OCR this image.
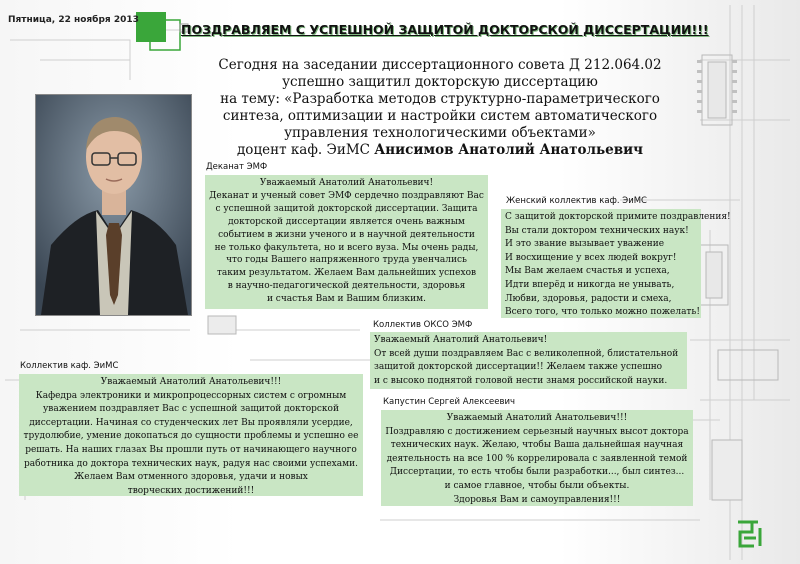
Пятница, 22 ноября 2013
ПОЗДРАВЛЯЕМ С УСПЕШНОЙ ЗАЩИТОЙ ДОКТОРСКОЙ ДИССЕРТАЦИИ!!!
Сегодня на заседании диссертационного совета Д 212.064.02
успешно защитил докторскую диссертацию
на тему: «Разработка методов структурно-параметрического
синтеза, оптимизации и настройки систем автоматического
управления технологическими объектами»
доцент каф. ЭиМС Анисимов Анатолий Анатольевич
Деканат ЭМФ
Уважаемый Анатолий Анатольевич!
Деканат и ученый совет ЭМФ сердечно поздравляют Вас
с успешной защитой докторской диссертации. Защита
докторской диссертации является очень важным
событием в жизни ученого и в научной деятельности
не только факультета, но и всего вуза. Мы очень рады,
что годы Вашего напряженного труда увенчались
таким результатом. Желаем Вам дальнейших успехов
в научно-педагогической деятельности, здоровья
и счастья Вам и Вашим близким.
Женский коллектив каф. ЭиМС
С защитой докторской примите поздравления!
Вы стали доктором технических наук!
И это звание вызывает уважение
И восхищение у всех людей вокруг!
Мы Вам желаем счастья и успеха,
Идти вперёд и никогда не унывать,
Любви, здоровья, радости и смеха,
Всего того, что только можно пожелать!
Коллектив ОКСО ЭМФ
Уважаемый Анатолий Анатольевич!
От всей души поздравляем Вас с великолепной, блистательной
защитой докторской диссертации!! Желаем также успешно
и с высоко поднятой головой нести знамя российской науки.
Коллектив каф. ЭиМС
Уважаемый Анатолий Анатольевич!!!
Кафедра электроники и микропроцессорных систем с огромным
уважением поздравляет Вас с успешной защитой докторской
диссертации. Начиная со студенческих лет Вы проявляли усердие,
трудолюбие, умение докопаться до сущности проблемы и успешно ее
решать. На наших глазах Вы прошли путь от начинающего научного
работника до доктора технических наук, радуя нас своими успехами.
Желаем Вам отменного здоровья, удачи и новых
творческих достижений!!!
Капустин Сергей Алексеевич
Уважаемый Анатолий Анатольевич!!!
Поздравляю с достижением серьезный научных высот доктора
технических наук. Желаю, чтобы Ваша дальнейшая научная
деятельность на все 100 % коррелировала с заявленной темой
Диссертации, то есть чтобы были разработки..., был синтез...
и самое главное, чтобы были объекты.
Здоровья Вам и самоуправления!!!
